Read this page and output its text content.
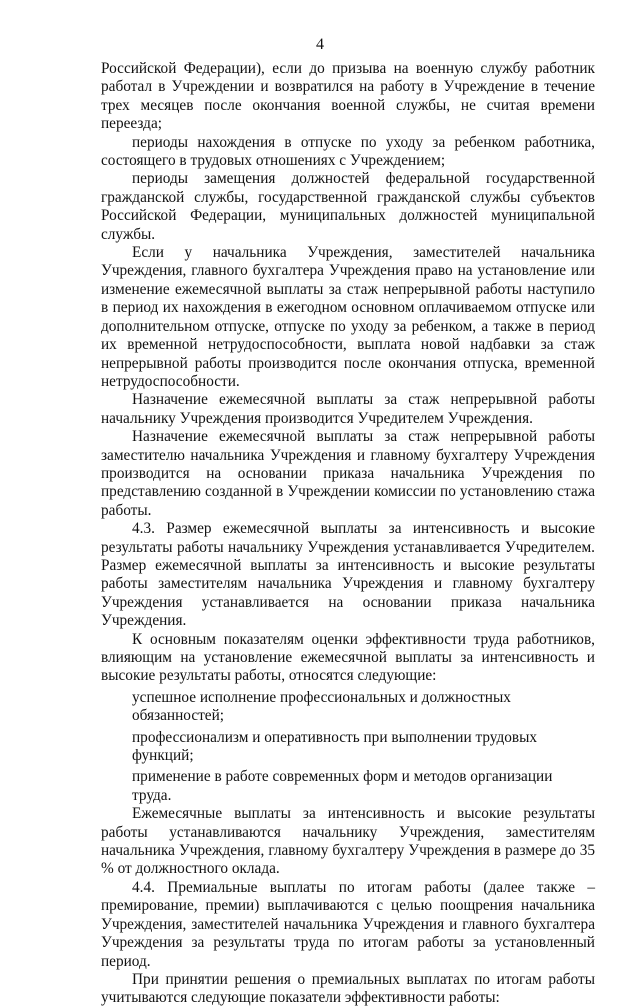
4

Российской Федерации), если до призыва на военную службу работник работал в Учреждении и возвратился на работу в Учреждение в течение трех месяцев после окончания военной службы, не считая времени переезда;

периоды нахождения в отпуске по уходу за ребенком работника, состоящего в трудовых отношениях с Учреждением;

периоды замещения должностей федеральной государственной гражданской службы, государственной гражданской службы субъектов Российской Федерации, муниципальных должностей муниципальной службы.

Если у начальника Учреждения, заместителей начальника Учреждения, главного бухгалтера Учреждения право на установление или изменение ежемесячной выплаты за стаж непрерывной работы наступило в период их нахождения в ежегодном основном оплачиваемом отпуске или дополнительном отпуске, отпуске по уходу за ребенком, а также в период их временной нетрудоспособности, выплата новой надбавки за стаж непрерывной работы производится после окончания отпуска, временной нетрудоспособности.

Назначение ежемесячной выплаты за стаж непрерывной работы начальнику Учреждения производится Учредителем Учреждения.

Назначение ежемесячной выплаты за стаж непрерывной работы заместителю начальника Учреждения и главному бухгалтеру Учреждения производится на основании приказа начальника Учреждения по представлению созданной в Учреждении комиссии по установлению стажа работы.

4.3. Размер ежемесячной выплаты за интенсивность и высокие результаты работы начальнику Учреждения устанавливается Учредителем. Размер ежемесячной выплаты за интенсивность и высокие результаты работы заместителям начальника Учреждения и главному бухгалтеру Учреждения устанавливается на основании приказа начальника Учреждения.

К основным показателям оценки эффективности труда работников, влияющим на установление ежемесячной выплаты за интенсивность и высокие результаты работы, относятся следующие:

успешное исполнение профессиональных и должностных обязанностей;

профессионализм и оперативность при выполнении трудовых функций;

применение в работе современных форм и методов организации труда.

Ежемесячные выплаты за интенсивность и высокие результаты работы устанавливаются начальнику Учреждения, заместителям начальника Учреждения, главному бухгалтеру Учреждения в размере до 35 % от должностного оклада.

4.4. Премиальные выплаты по итогам работы (далее также – премирование, премии) выплачиваются с целью поощрения начальника Учреждения, заместителей начальника Учреждения и главного бухгалтера Учреждения за результаты труда по итогам работы за установленный период.

При принятии решения о премиальных выплатах по итогам работы учитываются следующие показатели эффективности работы:
